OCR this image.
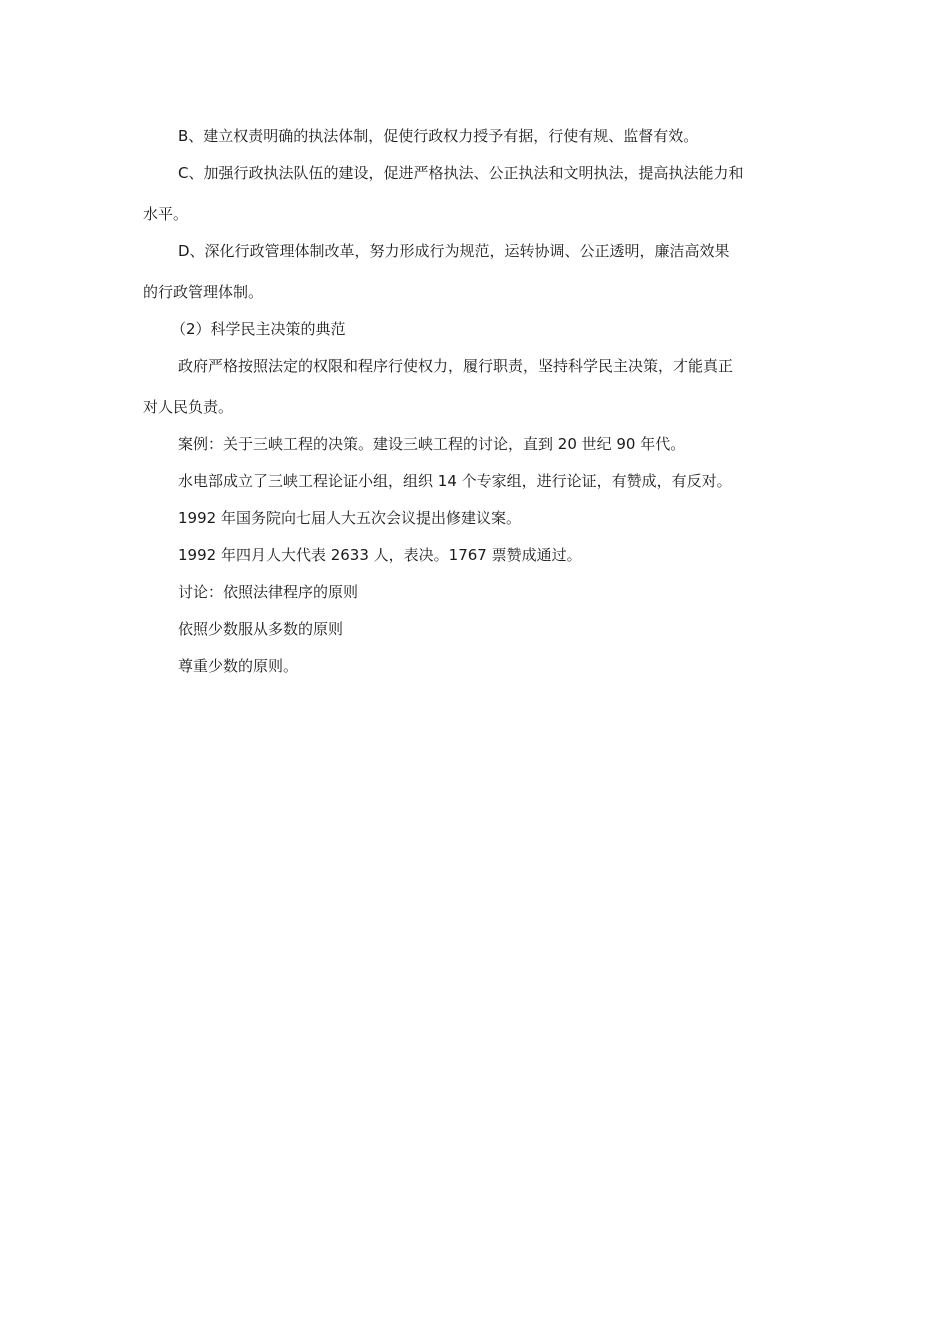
B、建立权责明确的执法体制，促使行政权力授予有据，行使有规、监督有效。

C、加强行政执法队伍的建设，促进严格执法、公正执法和文明执法，提高执法能力和
水平。

D、深化行政管理体制改革，努力形成行为规范，运转协调、公正透明，廉洁高效果
的行政管理体制。

（2）科学民主决策的典范

政府严格按照法定的权限和程序行使权力，履行职责，坚持科学民主决策，才能真正
对人民负责。

案例：关于三峡工程的决策。建设三峡工程的讨论，直到 20 世纪 90 年代。

水电部成立了三峡工程论证小组，组织 14 个专家组，进行论证，有赞成，有反对。

1992 年国务院向七届人大五次会议提出修建议案。

1992 年四月人大代表 2633 人，表决。1767 票赞成通过。

讨论：依照法律程序的原则

依照少数服从多数的原则

尊重少数的原则。
